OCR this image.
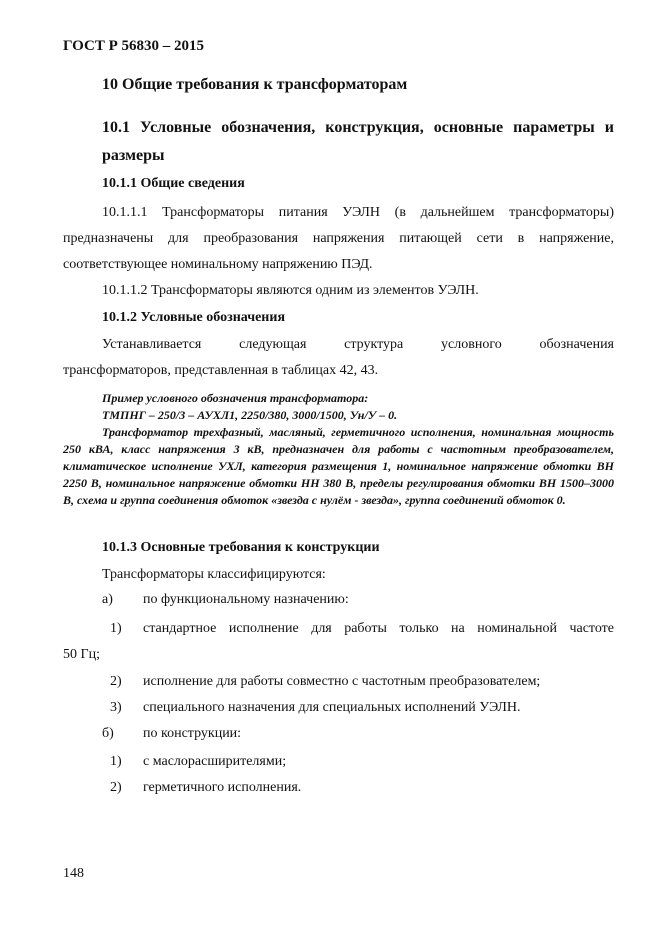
ГОСТ Р 56830 – 2015

10 Общие требования к трансформаторам

10.1 Условные обозначения, конструкция, основные параметры и размеры

10.1.1 Общие сведения

10.1.1.1 Трансформаторы питания УЭЛН (в дальнейшем трансформаторы)

предназначены для преобразования напряжения питающей сети в напряжение,

соответствующее номинальному напряжению ПЭД.

10.1.1.2 Трансформаторы являются одним из элементов УЭЛН.

10.1.2 Условные обозначения

Устанавливается следующая структура условного обозначения

трансформаторов, представленная в таблицах 42, 43.

Пример условного обозначения трансформатора:

ТМПНГ – 250/3 – АУХЛ1, 2250/380, 3000/1500, Ун/У – 0.

Трансформатор трехфазный, масляный, герметичного исполнения, номинальная мощность 250 кВА, класс напряжения 3 кВ, предназначен для работы с частотным преобразователем, климатическое исполнение УХЛ, категория размещения 1, номинальное напряжение обмотки ВН 2250 В, номинальное напряжение обмотки НН 380 В, пределы регулирования обмотки ВН 1500–3000 В, схема и группа соединения обмоток «звезда с нулём - звезда», группа соединений обмоток 0.

10.1.3 Основные требования к конструкции

Трансформаторы классифицируются:

а) по функциональному назначению:

1) стандартное исполнение для работы только на номинальной частоте

50 Гц;

2) исполнение для работы совместно с частотным преобразователем;

3) специального назначения для специальных исполнений УЭЛН.

б) по конструкции:

1) с маслорасширителями;

2) герметичного исполнения.

148
